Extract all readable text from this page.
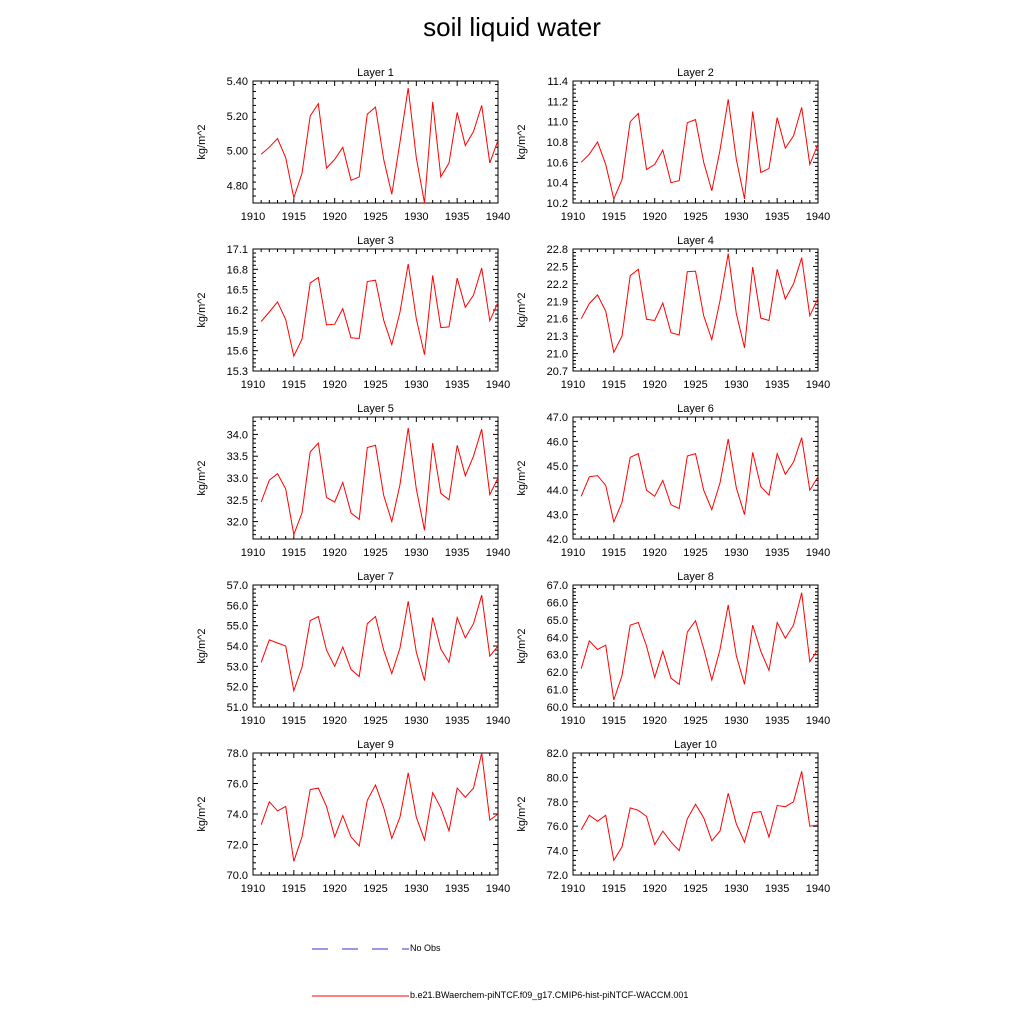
soil liquid water
Layer 1
kg/m^2
1910 1915 1920 1925 1930 1935 1940
4.80
5.00
5.20
5.40
Layer 2
kg/m^2
1910 1915 1920 1925 1930 1935 1940
10.2
10.4
10.6
10.8
11.0
11.2
11.4
Layer 3
kg/m^2
1910 1915 1920 1925 1930 1935 1940
15.3
15.6
15.9
16.2
16.5
16.8
17.1
Layer 4
kg/m^2
1910 1915 1920 1925 1930 1935 1940
20.7
21.0
21.3
21.6
21.9
22.2
22.5
22.8
Layer 5
kg/m^2
1910 1915 1920 1925 1930 1935 1940
32.0
32.5
33.0
33.5
34.0
Layer 6
kg/m^2
1910 1915 1920 1925 1930 1935 1940
42.0
43.0
44.0
45.0
46.0
47.0
Layer 7
kg/m^2
1910 1915 1920 1925 1930 1935 1940
51.0
52.0
53.0
54.0
55.0
56.0
57.0
Layer 8
kg/m^2
1910 1915 1920 1925 1930 1935 1940
60.0
61.0
62.0
63.0
64.0
65.0
66.0
67.0
Layer 9
kg/m^2
1910 1915 1920 1925 1930 1935 1940
70.0
72.0
74.0
76.0
78.0
Layer 10
kg/m^2
1910 1915 1920 1925 1930 1935 1940
72.0
74.0
76.0
78.0
80.0
82.0
No Obs
b.e21.BWaerchem-piNTCF.f09_g17.CMIP6-hist-piNTCF-WACCM.001
